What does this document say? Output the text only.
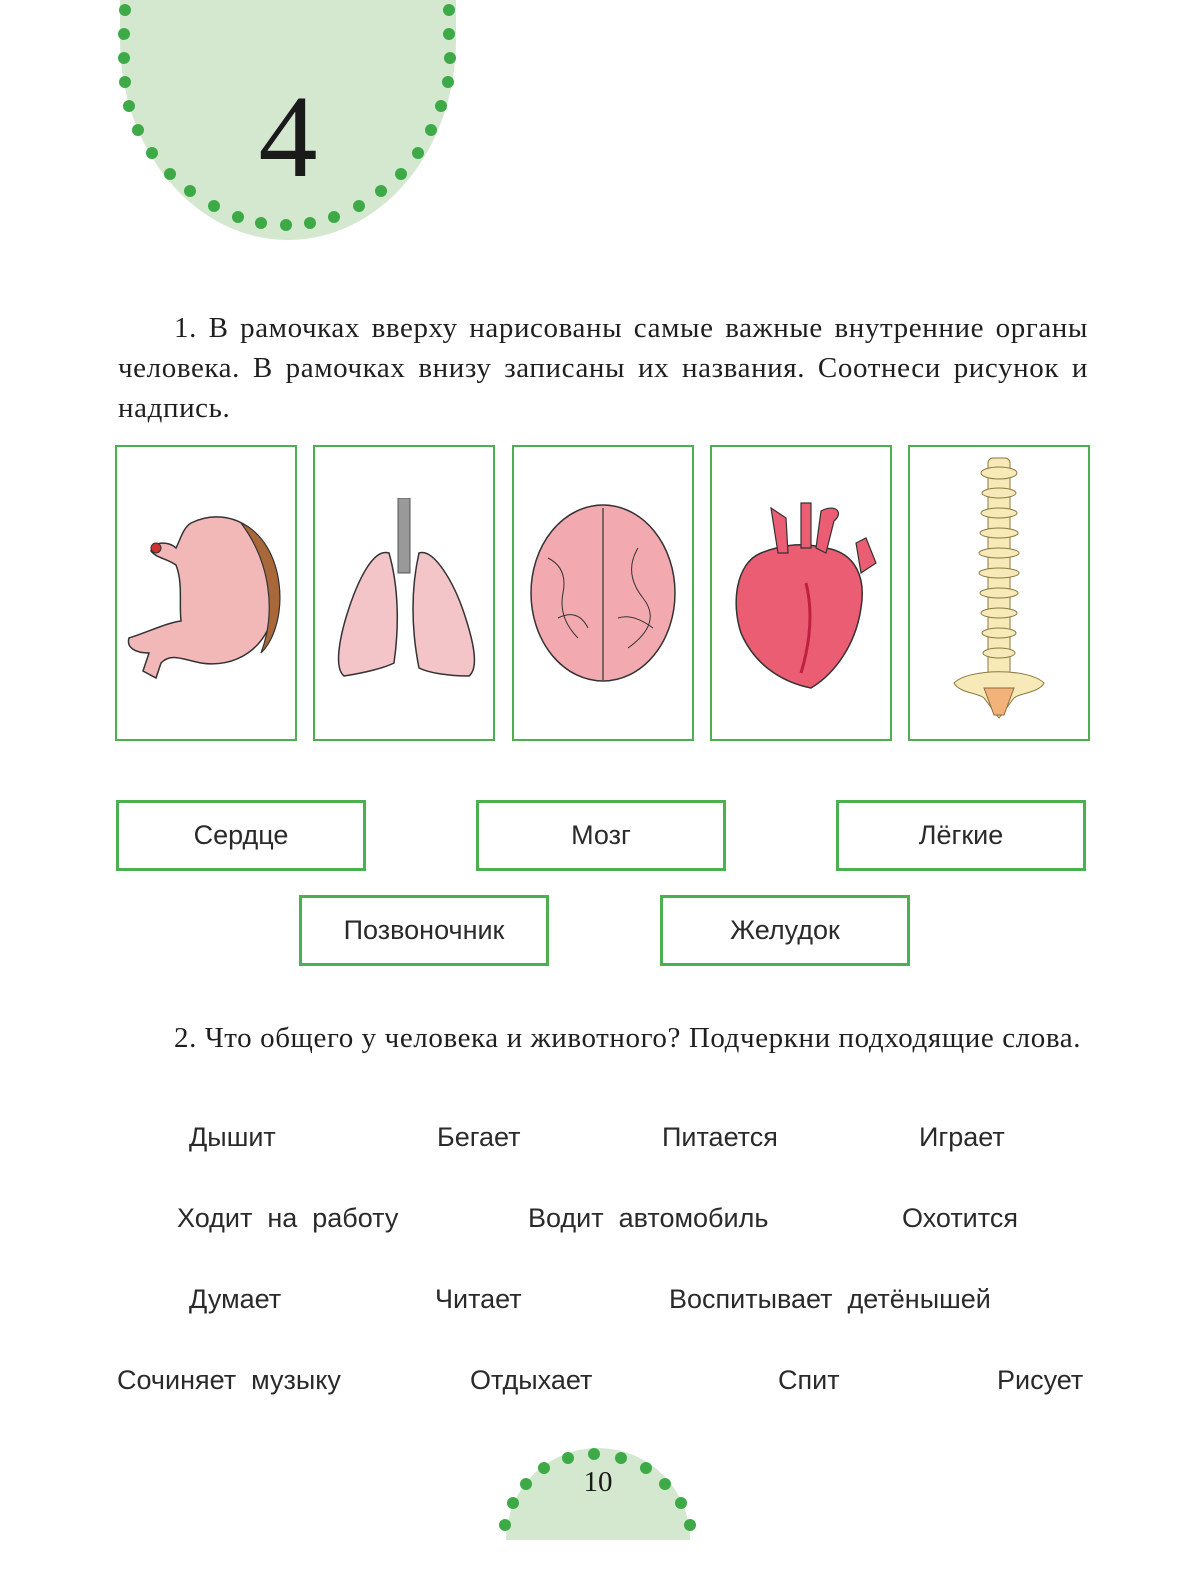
4
1. В рамочках вверху нарисованы самые важные внутренние органы человека. В рамочках внизу записаны их названия. Соотнеси рисунок и надпись.
Сердце	Мозг	Лёгкие
Позвоночник	Желудок
2. Что общего у человека и животного? Подчеркни подходящие слова.
Дышит	Бегает	Питается	Играет
Ходит  на  работу	Водит  автомобиль	Охотится
Думает	Читает	Воспитывает  детёнышей
Сочиняет  музыку	Отдыхает	Спит	Рисует
10
